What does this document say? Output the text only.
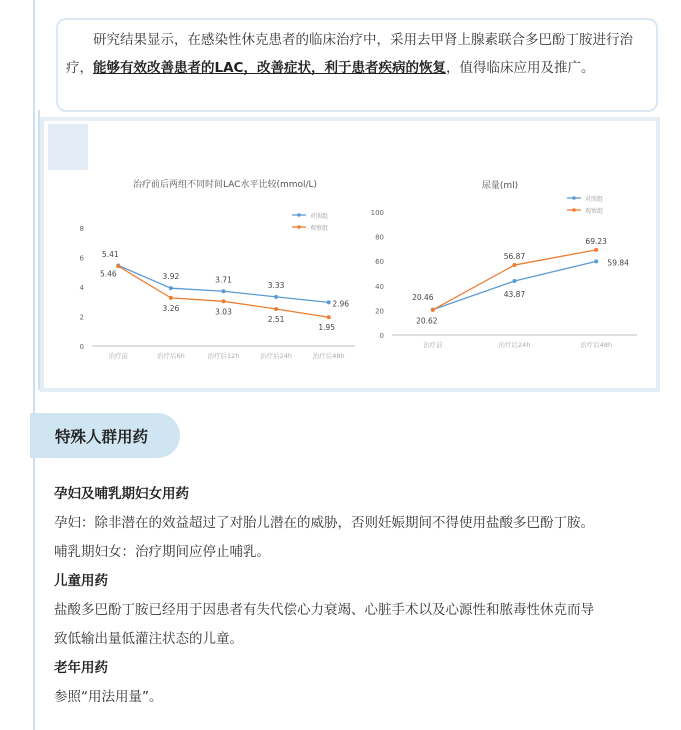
研究结果显示，在感染性休克患者的临床治疗中，采用去甲肾上腺素联合多巴酚丁胺进行治疗，能够有效改善患者的LAC，改善症状，利于患者疾病的恢复，值得临床应用及推广。
治疗前后两组不同时间LAC水平比较(mmol/L)
0
2
4
6
8
治疗前	治疗后6h	治疗后12h	治疗后24h	治疗后48h
对照组
观察组
5.41
5.46	3.92
3.26
3.71
3.03
3.33
2.51
2.96
1.95
尿量(ml)
0
20
40
60
80
100
治疗前	治疗后24h	治疗后48h
对照组
观察组
20.46
20.62
56.87
43.87
69.23
59.84
特殊人群用药
孕妇及哺乳期妇女用药
孕妇：除非潜在的效益超过了对胎儿潜在的威胁，否则妊娠期间不得使用盐酸多巴酚丁胺。
哺乳期妇女：治疗期间应停止哺乳。
儿童用药
盐酸多巴酚丁胺已经用于因患者有失代偿心力衰竭、心脏手术以及心源性和脓毒性休克而导
致低输出量低灌注状态的儿童。
老年用药
参照“用法用量”。
